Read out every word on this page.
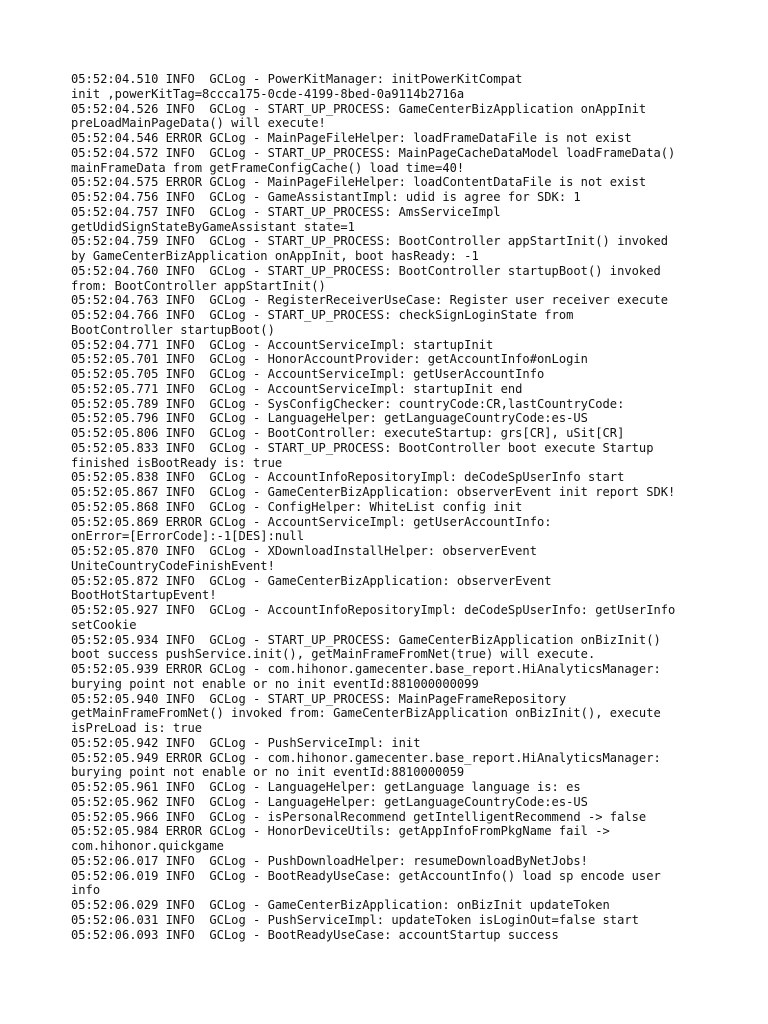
05:52:04.510 INFO  GCLog - PowerKitManager: initPowerKitCompat
init ,powerKitTag=8ccca175-0cde-4199-8bed-0a9114b2716a
05:52:04.526 INFO  GCLog - START_UP_PROCESS: GameCenterBizApplication onAppInit
preLoadMainPageData() will execute!
05:52:04.546 ERROR GCLog - MainPageFileHelper: loadFrameDataFile is not exist
05:52:04.572 INFO  GCLog - START_UP_PROCESS: MainPageCacheDataModel loadFrameData()
mainFrameData from getFrameConfigCache() load time=40!
05:52:04.575 ERROR GCLog - MainPageFileHelper: loadContentDataFile is not exist
05:52:04.756 INFO  GCLog - GameAssistantImpl: udid is agree for SDK: 1
05:52:04.757 INFO  GCLog - START_UP_PROCESS: AmsServiceImpl
getUdidSignStateByGameAssistant state=1
05:52:04.759 INFO  GCLog - START_UP_PROCESS: BootController appStartInit() invoked
by GameCenterBizApplication onAppInit, boot hasReady: -1
05:52:04.760 INFO  GCLog - START_UP_PROCESS: BootController startupBoot() invoked
from: BootController appStartInit()
05:52:04.763 INFO  GCLog - RegisterReceiverUseCase: Register user receiver execute
05:52:04.766 INFO  GCLog - START_UP_PROCESS: checkSignLoginState from
BootController startupBoot()
05:52:04.771 INFO  GCLog - AccountServiceImpl: startupInit
05:52:05.701 INFO  GCLog - HonorAccountProvider: getAccountInfo#onLogin
05:52:05.705 INFO  GCLog - AccountServiceImpl: getUserAccountInfo
05:52:05.771 INFO  GCLog - AccountServiceImpl: startupInit end
05:52:05.789 INFO  GCLog - SysConfigChecker: countryCode:CR,lastCountryCode:
05:52:05.796 INFO  GCLog - LanguageHelper: getLanguageCountryCode:es-US
05:52:05.806 INFO  GCLog - BootController: executeStartup: grs[CR], uSit[CR]
05:52:05.833 INFO  GCLog - START_UP_PROCESS: BootController boot execute Startup
finished isBootReady is: true
05:52:05.838 INFO  GCLog - AccountInfoRepositoryImpl: deCodeSpUserInfo start
05:52:05.867 INFO  GCLog - GameCenterBizApplication: observerEvent init report SDK!
05:52:05.868 INFO  GCLog - ConfigHelper: WhiteList config init
05:52:05.869 ERROR GCLog - AccountServiceImpl: getUserAccountInfo:
onError=[ErrorCode]:-1[DES]:null
05:52:05.870 INFO  GCLog - XDownloadInstallHelper: observerEvent
UniteCountryCodeFinishEvent!
05:52:05.872 INFO  GCLog - GameCenterBizApplication: observerEvent
BootHotStartupEvent!
05:52:05.927 INFO  GCLog - AccountInfoRepositoryImpl: deCodeSpUserInfo: getUserInfo
setCookie
05:52:05.934 INFO  GCLog - START_UP_PROCESS: GameCenterBizApplication onBizInit()
boot success pushService.init(), getMainFrameFromNet(true) will execute.
05:52:05.939 ERROR GCLog - com.hihonor.gamecenter.base_report.HiAnalyticsManager:
burying point not enable or no init eventId:881000000099
05:52:05.940 INFO  GCLog - START_UP_PROCESS: MainPageFrameRepository
getMainFrameFromNet() invoked from: GameCenterBizApplication onBizInit(), execute
isPreLoad is: true
05:52:05.942 INFO  GCLog - PushServiceImpl: init
05:52:05.949 ERROR GCLog - com.hihonor.gamecenter.base_report.HiAnalyticsManager:
burying point not enable or no init eventId:8810000059
05:52:05.961 INFO  GCLog - LanguageHelper: getLanguage language is: es
05:52:05.962 INFO  GCLog - LanguageHelper: getLanguageCountryCode:es-US
05:52:05.966 INFO  GCLog - isPersonalRecommend getIntelligentRecommend -> false
05:52:05.984 ERROR GCLog - HonorDeviceUtils: getAppInfoFromPkgName fail ->
com.hihonor.quickgame
05:52:06.017 INFO  GCLog - PushDownloadHelper: resumeDownloadByNetJobs!
05:52:06.019 INFO  GCLog - BootReadyUseCase: getAccountInfo() load sp encode user
info
05:52:06.029 INFO  GCLog - GameCenterBizApplication: onBizInit updateToken
05:52:06.031 INFO  GCLog - PushServiceImpl: updateToken isLoginOut=false start
05:52:06.093 INFO  GCLog - BootReadyUseCase: accountStartup success
